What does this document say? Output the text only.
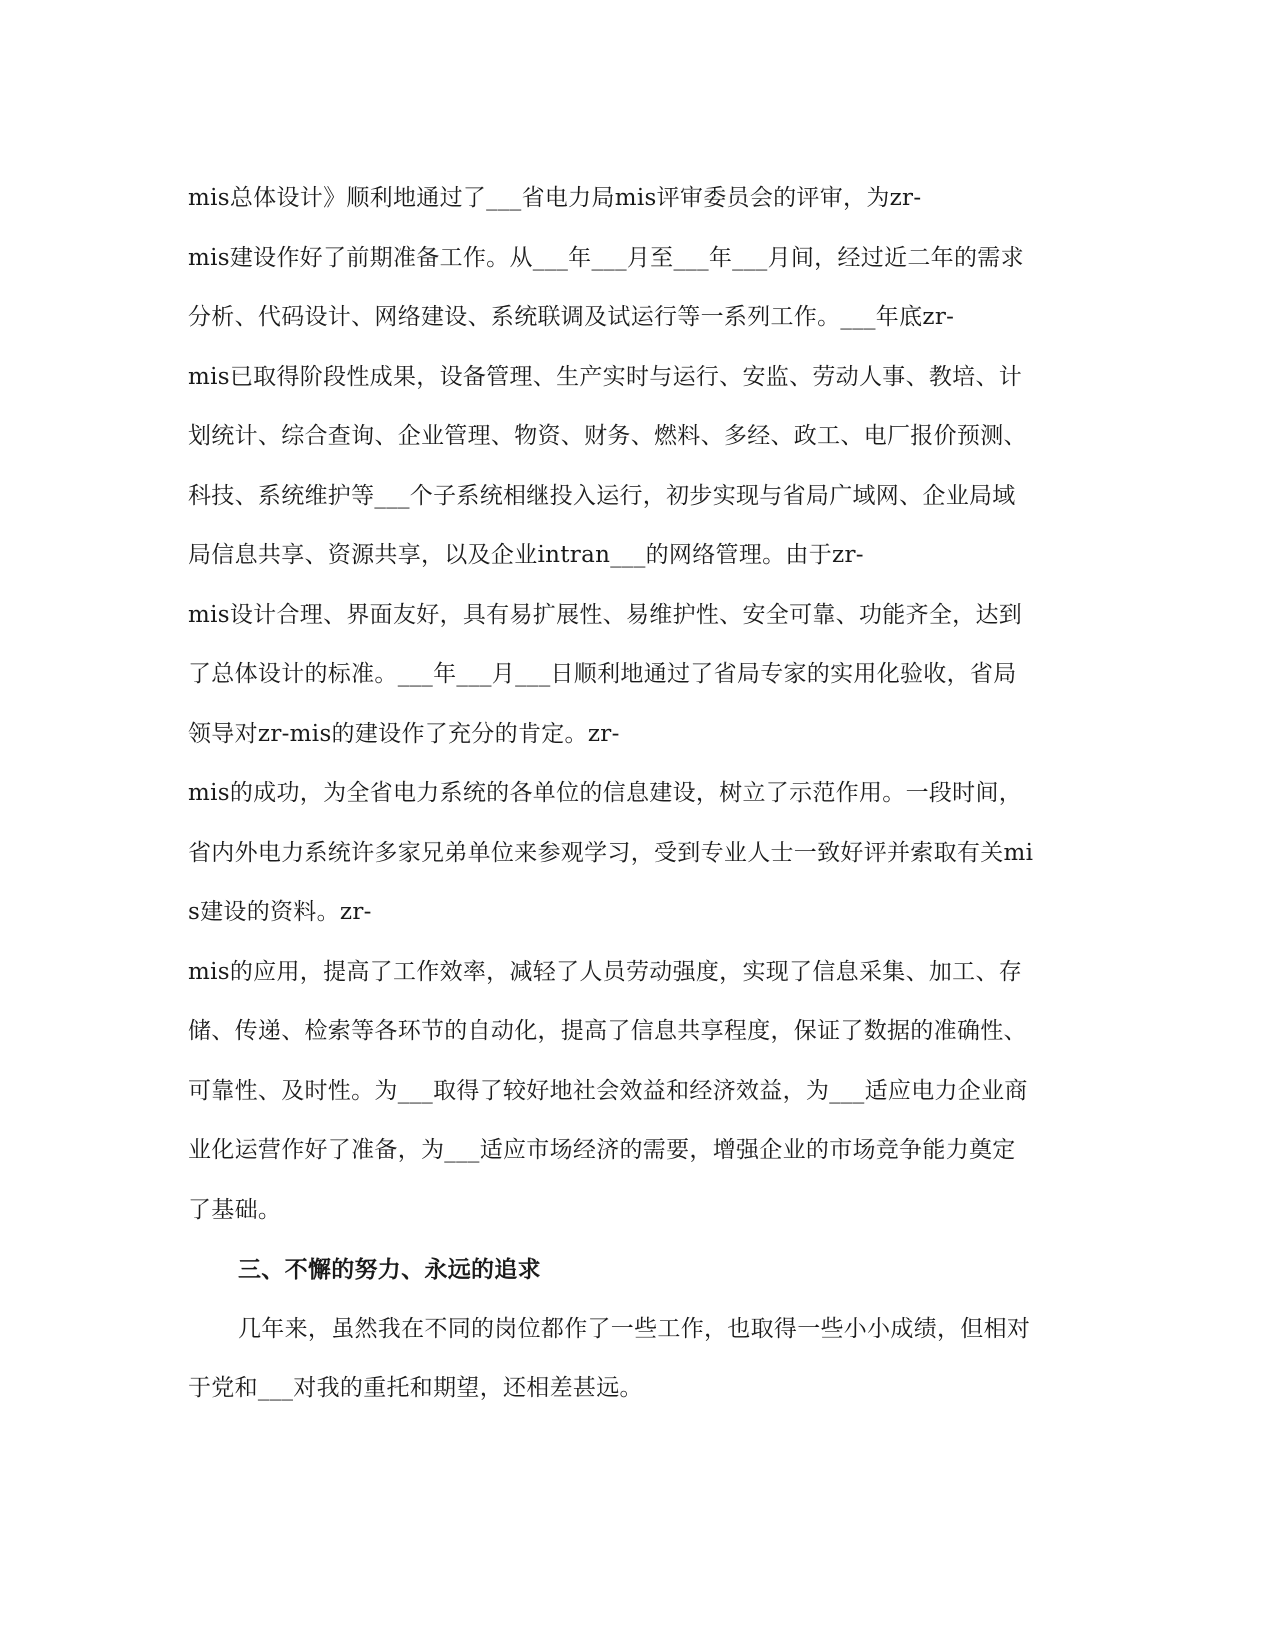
mis总体设计》顺利地通过了___省电力局mis评审委员会的评审，为zr-
mis建设作好了前期准备工作。从___年___月至___年___月间，经过近二年的需求
分析、代码设计、网络建设、系统联调及试运行等一系列工作。___年底zr-
mis已取得阶段性成果，设备管理、生产实时与运行、安监、劳动人事、教培、计
划统计、综合查询、企业管理、物资、财务、燃料、多经、政工、电厂报价预测、
科技、系统维护等___个子系统相继投入运行，初步实现与省局广域网、企业局域
局信息共享、资源共享，以及企业intran___的网络管理。由于zr-
mis设计合理、界面友好，具有易扩展性、易维护性、安全可靠、功能齐全，达到
了总体设计的标准。___年___月___日顺利地通过了省局专家的实用化验收，省局
领导对zr-mis的建设作了充分的肯定。zr-
mis的成功，为全省电力系统的各单位的信息建设，树立了示范作用。一段时间，
省内外电力系统许多家兄弟单位来参观学习，受到专业人士一致好评并索取有关mi
s建设的资料。zr-
mis的应用，提高了工作效率，减轻了人员劳动强度，实现了信息采集、加工、存
储、传递、检索等各环节的自动化，提高了信息共享程度，保证了数据的准确性、
可靠性、及时性。为___取得了较好地社会效益和经济效益，为___适应电力企业商
业化运营作好了准备，为___适应市场经济的需要，增强企业的市场竞争能力奠定
了基础。
三、不懈的努力、永远的追求
几年来，虽然我在不同的岗位都作了一些工作，也取得一些小小成绩，但相对
于党和___对我的重托和期望，还相差甚远。
